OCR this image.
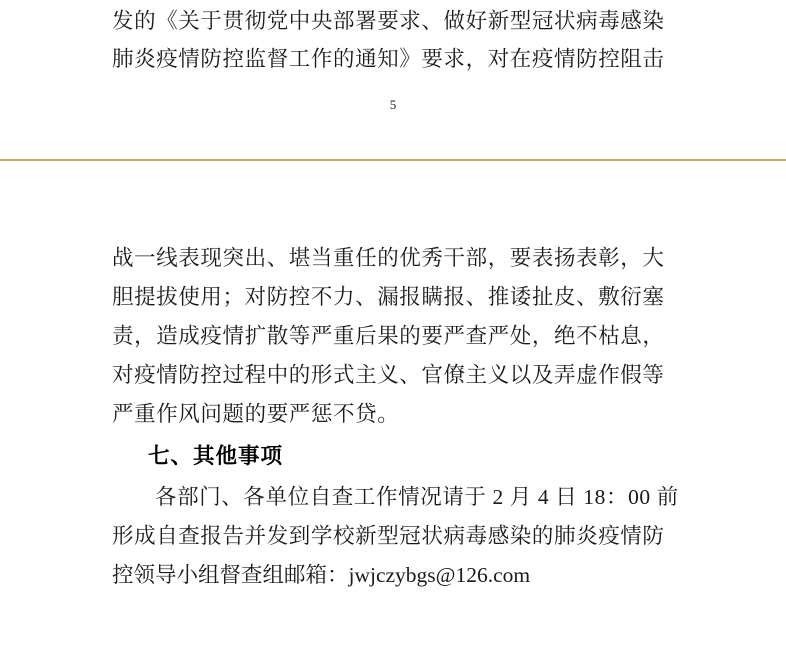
发的《关于贯彻党中央部署要求、做好新型冠状病毒感染
肺炎疫情防控监督工作的通知》要求，对在疫情防控阻击
5
战一线表现突出、堪当重任的优秀干部，要表扬表彰，大
胆提拔使用；对防控不力、漏报瞒报、推诿扯皮、敷衍塞
责，造成疫情扩散等严重后果的要严查严处，绝不枯息，
对疫情防控过程中的形式主义、官僚主义以及弄虚作假等
严重作风问题的要严惩不贷。
七、其他事项
各部门、各单位自查工作情况请于 2 月 4 日 18：00 前
形成自查报告并发到学校新型冠状病毒感染的肺炎疫情防
控领导小组督查组邮箱：jwjczybgs@126.com
